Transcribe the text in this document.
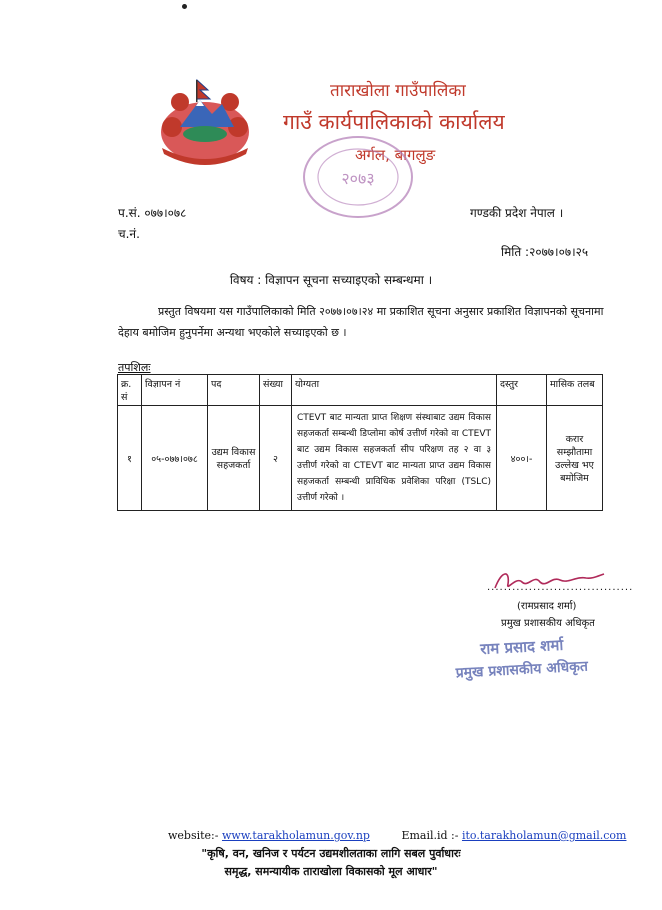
ताराखोला गाउँपालिका
गाउँ कार्यपालिकाको कार्यालय
अर्गल, बागलुङ
२०७३
प.सं. ०७७।०७८
च.नं.
गण्डकी प्रदेश नेपाल ।
मिति :२०७७।०७।२५
विषय : विज्ञापन सूचना सच्याइएको सम्बन्धमा ।
प्रस्तुत विषयमा यस गाउँपालिकाको मिति २०७७।०७।२४ मा प्रकाशित सूचना अनुसार प्रकाशित विज्ञापनको सूचनामा देहाय बमोजिम हुनुपर्नेमा अन्यथा भएकोले सच्याइएको छ ।
तपशिलः
क्र. सं	विज्ञापन नं	पद	संख्या	योग्यता	दस्तुर	मासिक तलब
१	०५-०७७।०७८	उद्यम विकास सहजकर्ता	२	CTEVT बाट मान्यता प्राप्त शिक्षण संस्थाबाट उद्यम विकास सहजकर्ता सम्बन्धी डिप्लोमा कोर्ष उत्तीर्ण गरेको वा CTEVT बाट उद्यम विकास सहजकर्ता सीप परिक्षण तह २ वा ३ उत्तीर्ण गरेको वा CTEVT बाट मान्यता प्राप्त उद्यम विकास सहजकर्ता सम्बन्धी प्राविधिक प्रवेशिका परिक्षा (TSLC) उत्तीर्ण गरेको ।	४००।-	करार सम्झौतामा उल्लेख भए बमोजिम
...................................
(रामप्रसाद शर्मा)
प्रमुख प्रशासकीय अधिकृत
राम प्रसाद शर्मा
प्रमुख प्रशासकीय अधिकृत
website:- www.tarakholamun.gov.np	Email.id :- ito.tarakholamun@gmail.com
"कृषि, वन, खनिज र पर्यटन उद्यमशीलताका लागि सबल पुर्वाधारः
समृद्ध, समन्यायीक ताराखोला विकासको मूल आधार"
